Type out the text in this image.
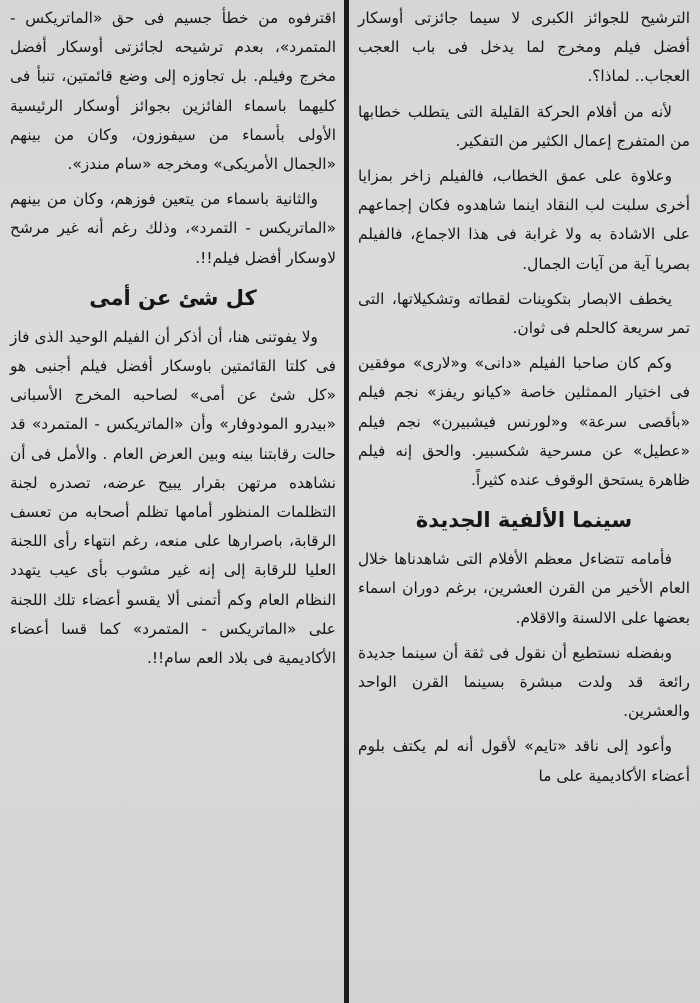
الترشيح للجوائز الكبرى لا سيما جائزتى أوسكار أفضل فيلم ومخرج لما يدخل فى باب العجب العجاب.. لماذا؟.

لأنه من أفلام الحركة القليلة التى يتطلب خطابها من المتفرج إعمال الكثير من التفكير.

وعلاوة على عمق الخطاب، فالفيلم زاخر بمزايا أخرى سلبت لب النقاد اينما شاهدوه فكان إجماعهم على الاشادة به ولا غرابة فى هذا الاجماع، فالفيلم بصريا آية من آيات الجمال.

يخطف الابصار بتكوينات لقطاته وتشكيلاتها، التى تمر سريعة كالحلم فى ثوان.

وكم كان صاحبا الفيلم «دانى» و«لارى» موفقين فى اختيار الممثلين خاصة «كيانو ريفز» نجم فيلم «بأقصى سرعة» و«لورنس فيشبيرن» نجم فيلم «عطيل» عن مسرحية شكسبير. والحق إنه فيلم ظاهرة يستحق الوقوف عنده كثيراً.

سينما الألفية الجديدة

فأمامه تتضاءل معظم الأفلام التى شاهدناها خلال العام الأخير من القرن العشرين، برغم دوران اسماء بعضها على الالسنة والاقلام.

وبفضله نستطيع أن نقول فى ثقة أن سينما جديدة رائعة قد ولدت مبشرة بسينما القرن الواحد والعشرين.

وأعود إلى ناقد «تايم» لأقول أنه لم يكتف بلوم أعضاء الأكاديمية على ما

اقترفوه من خطأ جسيم فى حق «الماتريكس - المتمرد»، بعدم ترشيحه لجائزتى أوسكار أفضل مخرج وفيلم. بل تجاوزه إلى وضع قائمتين، تنبأ فى كليهما باسماء الفائزين بجوائز أوسكار الرئيسية الأولى بأسماء من سيفوزون، وكان من بينهم «الجمال الأمريكى» ومخرجه «سام مندز».

والثانية باسماء من يتعين فوزهم، وكان من بينهم «الماتريكس - التمرد»، وذلك رغم أنه غير مرشح لاوسكار أفضل فيلم!!.

كل شئ عن أمى

ولا يفوتنى هنا، أن أذكر أن الفيلم الوحيد الذى فاز فى كلتا القائمتين باوسكار أفضل فيلم أجنبى هو «كل شئ عن أمى» لصاحبه المخرج الأسبانى «بيدرو المودوفار» وأن «الماتريكس - المتمرد» قد حالت رقابتنا بينه وبين العرض العام . والأمل فى أن نشاهده مرتهن بقرار يبيح عرضه، تصدره لجنة التظلمات المنظور أمامها تظلم أصحابه من تعسف الرقابة، باصرارها على منعه، رغم انتهاء رأى اللجنة العليا للرقابة إلى إنه غير مشوب بأى عيب يتهدد النظام العام وكم أتمنى ألا يقسو أعضاء تلك اللجنة على «الماتريكس - المتمرد» كما قسا أعضاء الأكاديمية فى بلاد العم سام!!.
